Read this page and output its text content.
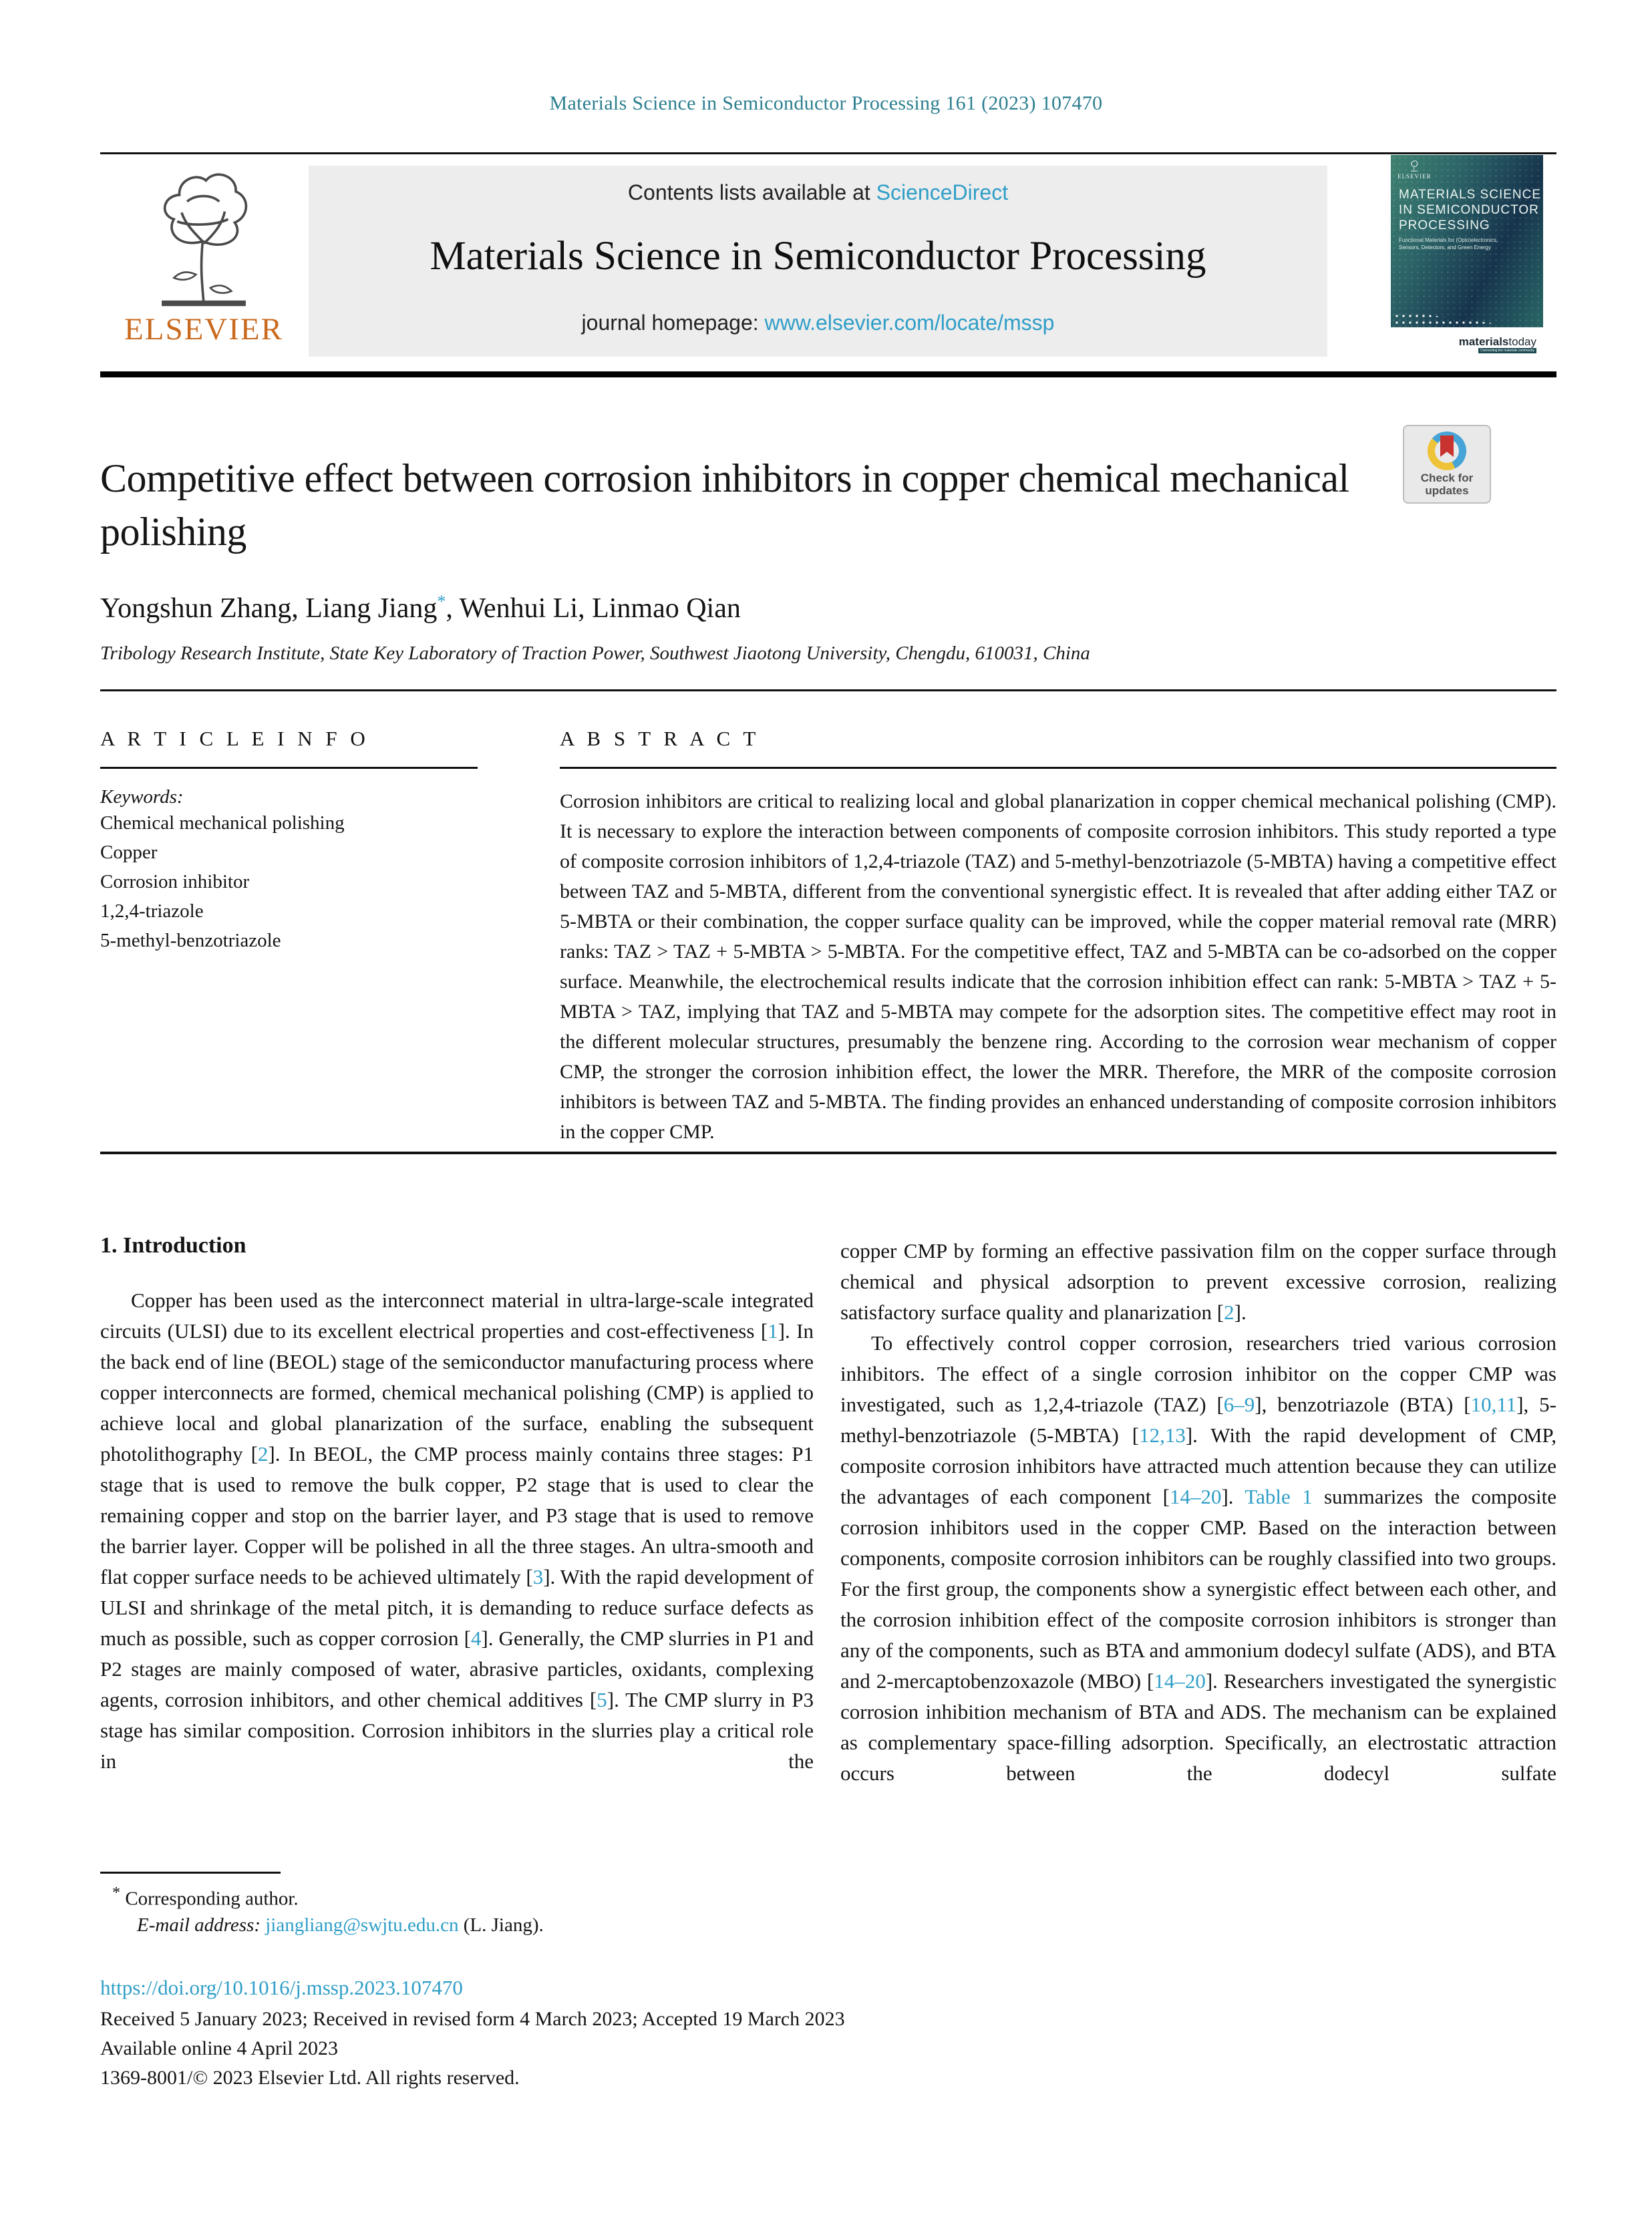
Materials Science in Semiconductor Processing 161 (2023) 107470
ELSEVIER
Contents lists available at ScienceDirect
Materials Science in Semiconductor Processing
journal homepage: www.elsevier.com/locate/mssp
ELSEVIER
MATERIALS SCIENCE
IN SEMICONDUCTOR
PROCESSING
Functional Materials for (Opto)electronics, Sensors, Detectors, and Green Energy
materialstoday
Connecting the materials community
Check for updates
Competitive effect between corrosion inhibitors in copper chemical mechanical polishing
Yongshun Zhang, Liang Jiang*, Wenhui Li, Linmao Qian
Tribology Research Institute, State Key Laboratory of Traction Power, Southwest Jiaotong University, Chengdu, 610031, China
A R T I C L E I N F O
Keywords:
Chemical mechanical polishing
Copper
Corrosion inhibitor
1,2,4-triazole
5-methyl-benzotriazole
A B S T R A C T
Corrosion inhibitors are critical to realizing local and global planarization in copper chemical mechanical polishing (CMP). It is necessary to explore the interaction between components of composite corrosion inhibitors. This study reported a type of composite corrosion inhibitors of 1,2,4-triazole (TAZ) and 5-methyl-benzotriazole (5-MBTA) having a competitive effect between TAZ and 5-MBTA, different from the conventional synergistic effect. It is revealed that after adding either TAZ or 5-MBTA or their combination, the copper surface quality can be improved, while the copper material removal rate (MRR) ranks: TAZ > TAZ + 5-MBTA > 5-MBTA. For the competitive effect, TAZ and 5-MBTA can be co-adsorbed on the copper surface. Meanwhile, the electrochemical results indicate that the corrosion inhibition effect can rank: 5-MBTA > TAZ + 5-MBTA > TAZ, implying that TAZ and 5-MBTA may compete for the adsorption sites. The competitive effect may root in the different molecular structures, presumably the benzene ring. According to the corrosion wear mechanism of copper CMP, the stronger the corrosion inhibition effect, the lower the MRR. Therefore, the MRR of the composite corrosion inhibitors is between TAZ and 5-MBTA. The finding provides an enhanced understanding of composite corrosion inhibitors in the copper CMP.
1. Introduction
Copper has been used as the interconnect material in ultra-large-scale integrated circuits (ULSI) due to its excellent electrical properties and cost-effectiveness [1]. In the back end of line (BEOL) stage of the semiconductor manufacturing process where copper interconnects are formed, chemical mechanical polishing (CMP) is applied to achieve local and global planarization of the surface, enabling the subsequent photolithography [2]. In BEOL, the CMP process mainly contains three stages: P1 stage that is used to remove the bulk copper, P2 stage that is used to clear the remaining copper and stop on the barrier layer, and P3 stage that is used to remove the barrier layer. Copper will be polished in all the three stages. An ultra-smooth and flat copper surface needs to be achieved ultimately [3]. With the rapid development of ULSI and shrinkage of the metal pitch, it is demanding to reduce surface defects as much as possible, such as copper corrosion [4]. Generally, the CMP slurries in P1 and P2 stages are mainly composed of water, abrasive particles, oxidants, complexing agents, corrosion inhibitors, and other chemical additives [5]. The CMP slurry in P3 stage has similar composition. Corrosion inhibitors in the slurries play a critical role in the
copper CMP by forming an effective passivation film on the copper surface through chemical and physical adsorption to prevent excessive corrosion, realizing satisfactory surface quality and planarization [2].
To effectively control copper corrosion, researchers tried various corrosion inhibitors. The effect of a single corrosion inhibitor on the copper CMP was investigated, such as 1,2,4-triazole (TAZ) [6–9], benzotriazole (BTA) [10,11], 5-methyl-benzotriazole (5-MBTA) [12,13]. With the rapid development of CMP, composite corrosion inhibitors have attracted much attention because they can utilize the advantages of each component [14–20]. Table 1 summarizes the composite corrosion inhibitors used in the copper CMP. Based on the interaction between components, composite corrosion inhibitors can be roughly classified into two groups. For the first group, the components show a synergistic effect between each other, and the corrosion inhibition effect of the composite corrosion inhibitors is stronger than any of the components, such as BTA and ammonium dodecyl sulfate (ADS), and BTA and 2-mercaptobenzoxazole (MBO) [14–20]. Researchers investigated the synergistic corrosion inhibition mechanism of BTA and ADS. The mechanism can be explained as complementary space-filling adsorption. Specifically, an electrostatic attraction occurs between the dodecyl sulfate
* Corresponding author.
E-mail address: jiangliang@swjtu.edu.cn (L. Jiang).
https://doi.org/10.1016/j.mssp.2023.107470
Received 5 January 2023; Received in revised form 4 March 2023; Accepted 19 March 2023
Available online 4 April 2023
1369-8001/© 2023 Elsevier Ltd. All rights reserved.
